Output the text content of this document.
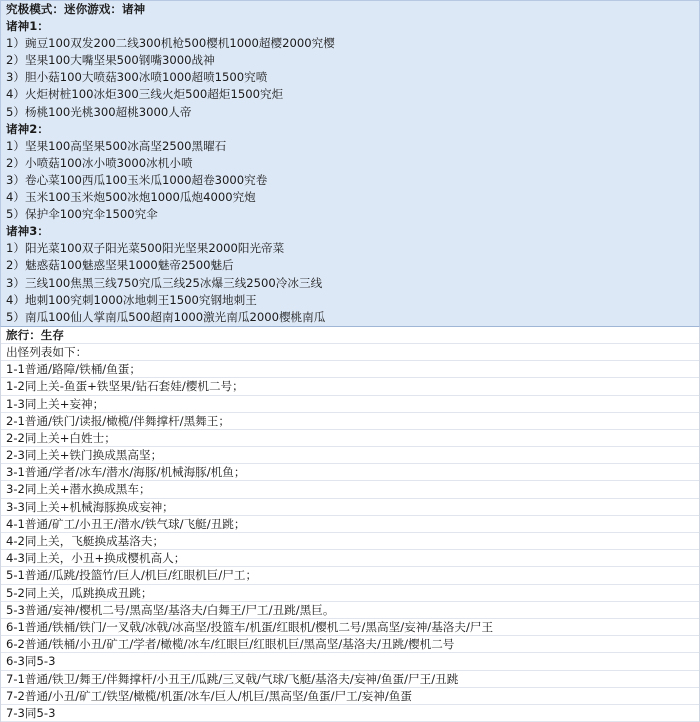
究极模式：迷你游戏：诸神
诸神1：
1）豌豆100双发200二线300机枪500樱机1000超樱2000究樱
2）坚果100大嘴坚果500钢嘴3000战神
3）胆小菇100大喷菇300冰喷1000超喷1500究喷
4）火炬树桩100冰炬300三线火炬500超炬1500究炬
5）杨桃100光桃300超桃3000人帝
诸神2：
1）坚果100高坚果500冰高坚2500黑曜石
2）小喷菇100冰小喷3000冰机小喷
3）卷心菜100西瓜100玉米瓜1000超卷3000究卷
4）玉米100玉米炮500冰炮1000瓜炮4000究炮
5）保护伞100究伞1500究伞
诸神3：
1）阳光菜100双子阳光菜500阳光坚果2000阳光帝菜
2）魅惑菇100魅惑坚果1000魅帝2500魅后
3）三线100焦黑三线750究瓜三线25冰爆三线2500冷冰三线
4）地刺100究刺1000冰地刺王1500究钢地刺王
5）南瓜100仙人掌南瓜500超南1000激光南瓜2000樱桃南瓜
旅行：生存
出怪列表如下：
1-1普通/路障/铁桶/鱼蛋；
1-2同上关-鱼蛋+铁坚果/钻石套娃/樱机二号；
1-3同上关+妄神；
2-1普通/铁门/读报/橄榄/伴舞撑杆/黑舞王；
2-2同上关+白姓士；
2-3同上关+铁门换成黑高坚；
3-1普通/学者/冰车/潜水/海豚/机械海豚/机鱼；
3-2同上关+潜水换成黑车；
3-3同上关+机械海豚换成妄神；
4-1普通/矿工/小丑王/潜水/铁气球/飞艇/丑跳；
4-2同上关，飞艇换成基洛夫；
4-3同上关，小丑+换成樱机高人；
5-1普通/瓜跳/投篮竹/巨人/机巨/红眼机巨/尸工；
5-2同上关，瓜跳换成丑跳；
5-3普通/妄神/樱机二号/黑高坚/基洛夫/白舞王/尸工/丑跳/黑巨。
6-1普通/铁桶/铁门/一叉戟/冰戟/冰高坚/投篮车/机蛋/红眼机/樱机二号/黑高坚/妄神/基洛夫/尸王
6-2普通/铁桶/小丑/矿工/学者/橄榄/冰车/红眼巨/红眼机巨/黑高坚/基洛夫/丑跳/樱机二号
6-3同5-3
7-1普通/铁卫/舞王/伴舞撑杆/小丑王/瓜跳/三叉戟/气球/飞艇/基洛夫/妄神/鱼蛋/尸王/丑跳
7-2普通/小丑/矿工/铁坚/橄榄/机蛋/冰车/巨人/机巨/黑高坚/鱼蛋/尸工/妄神/鱼蛋
7-3同5-3
